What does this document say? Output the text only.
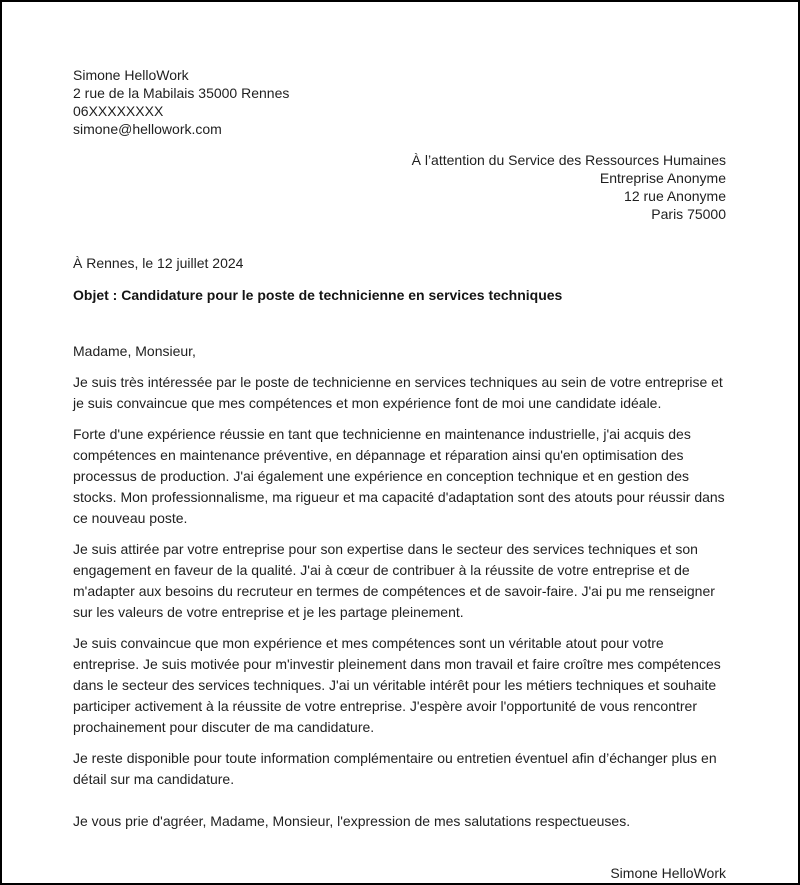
Simone HelloWork
2 rue de la Mabilais 35000 Rennes
06XXXXXXXX
simone@hellowork.com
À l’attention du Service des Ressources Humaines
Entreprise Anonyme
12 rue Anonyme
Paris 75000

À Rennes, le 12 juillet 2024

Objet : Candidature pour le poste de technicienne en services techniques

Madame, Monsieur,

Je suis très intéressée par le poste de technicienne en services techniques au sein de votre entreprise et je suis convaincue que mes compétences et mon expérience font de moi une candidate idéale.

Forte d'une expérience réussie en tant que technicienne en maintenance industrielle, j'ai acquis des compétences en maintenance préventive, en dépannage et réparation ainsi qu'en optimisation des processus de production. J'ai également une expérience en conception technique et en gestion des stocks. Mon professionnalisme, ma rigueur et ma capacité d'adaptation sont des atouts pour réussir dans ce nouveau poste.

Je suis attirée par votre entreprise pour son expertise dans le secteur des services techniques et son engagement en faveur de la qualité. J'ai à cœur de contribuer à la réussite de votre entreprise et de m'adapter aux besoins du recruteur en termes de compétences et de savoir-faire. J'ai pu me renseigner sur les valeurs de votre entreprise et je les partage pleinement.

Je suis convaincue que mon expérience et mes compétences sont un véritable atout pour votre entreprise. Je suis motivée pour m'investir pleinement dans mon travail et faire croître mes compétences dans le secteur des services techniques. J'ai un véritable intérêt pour les métiers techniques et souhaite participer activement à la réussite de votre entreprise. J'espère avoir l'opportunité de vous rencontrer prochainement pour discuter de ma candidature.

Je reste disponible pour toute information complémentaire ou entretien éventuel afin d’échanger plus en détail sur ma candidature.

Je vous prie d'agréer, Madame, Monsieur, l'expression de mes salutations respectueuses.

Simone HelloWork
